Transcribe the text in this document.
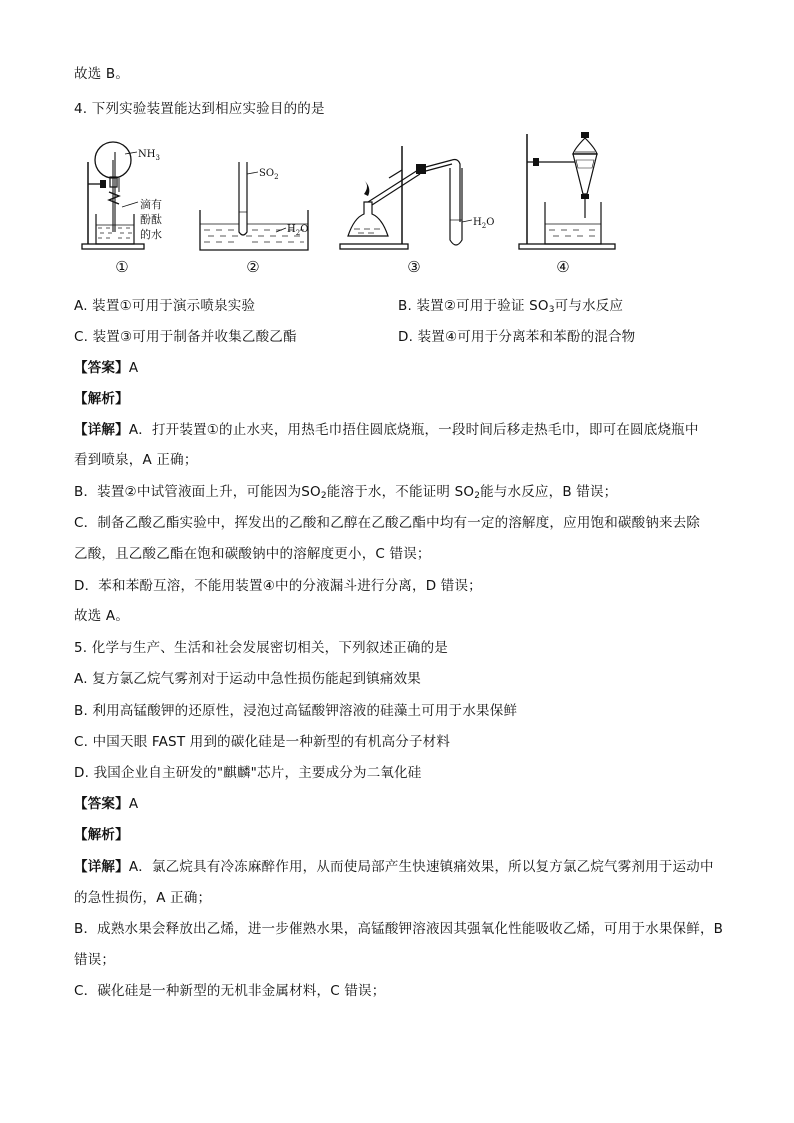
故选 B。
4. 下列实验装置能达到相应实验目的的是
$NH_3$
滴有
酚酞
的水
①
$SO_2$
$H_2O$
②
$H_2O$
③	④
A. 装置①可用于演示喷泉实验	B. 装置②可用于验证 $SO_3$可与水反应
C. 装置③可用于制备并收集乙酸乙酯	D. 装置④可用于分离苯和苯酚的混合物
【答案】A
【解析】
【详解】A．打开装置①的止水夹，用热毛巾捂住圆底烧瓶，一段时间后移走热毛巾，即可在圆底烧瓶中
看到喷泉，A 正确；
B．装置②中试管液面上升，可能因为$SO_2$能溶于水，不能证明 $SO_2$能与水反应，B 错误；
C．制备乙酸乙酯实验中，挥发出的乙酸和乙醇在乙酸乙酯中均有一定的溶解度，应用饱和碳酸钠来去除
乙酸，且乙酸乙酯在饱和碳酸钠中的溶解度更小，C 错误；
D．苯和苯酚互溶，不能用装置④中的分液漏斗进行分离，D 错误；
故选 A。
5. 化学与生产、生活和社会发展密切相关，下列叙述正确的是
A. 复方氯乙烷气雾剂对于运动中急性损伤能起到镇痛效果
B. 利用高锰酸钾的还原性，浸泡过高锰酸钾溶液的硅藻土可用于水果保鲜
C. 中国天眼 FAST 用到的碳化硅是一种新型的有机高分子材料
D. 我国企业自主研发的"麒麟"芯片，主要成分为二氧化硅
【答案】A
【解析】
【详解】A．氯乙烷具有冷冻麻醉作用，从而使局部产生快速镇痛效果，所以复方氯乙烷气雾剂用于运动中
的急性损伤，A 正确；
B．成熟水果会释放出乙烯，进一步催熟水果，高锰酸钾溶液因其强氧化性能吸收乙烯，可用于水果保鲜，B
错误；
C．碳化硅是一种新型的无机非金属材料，C 错误；
